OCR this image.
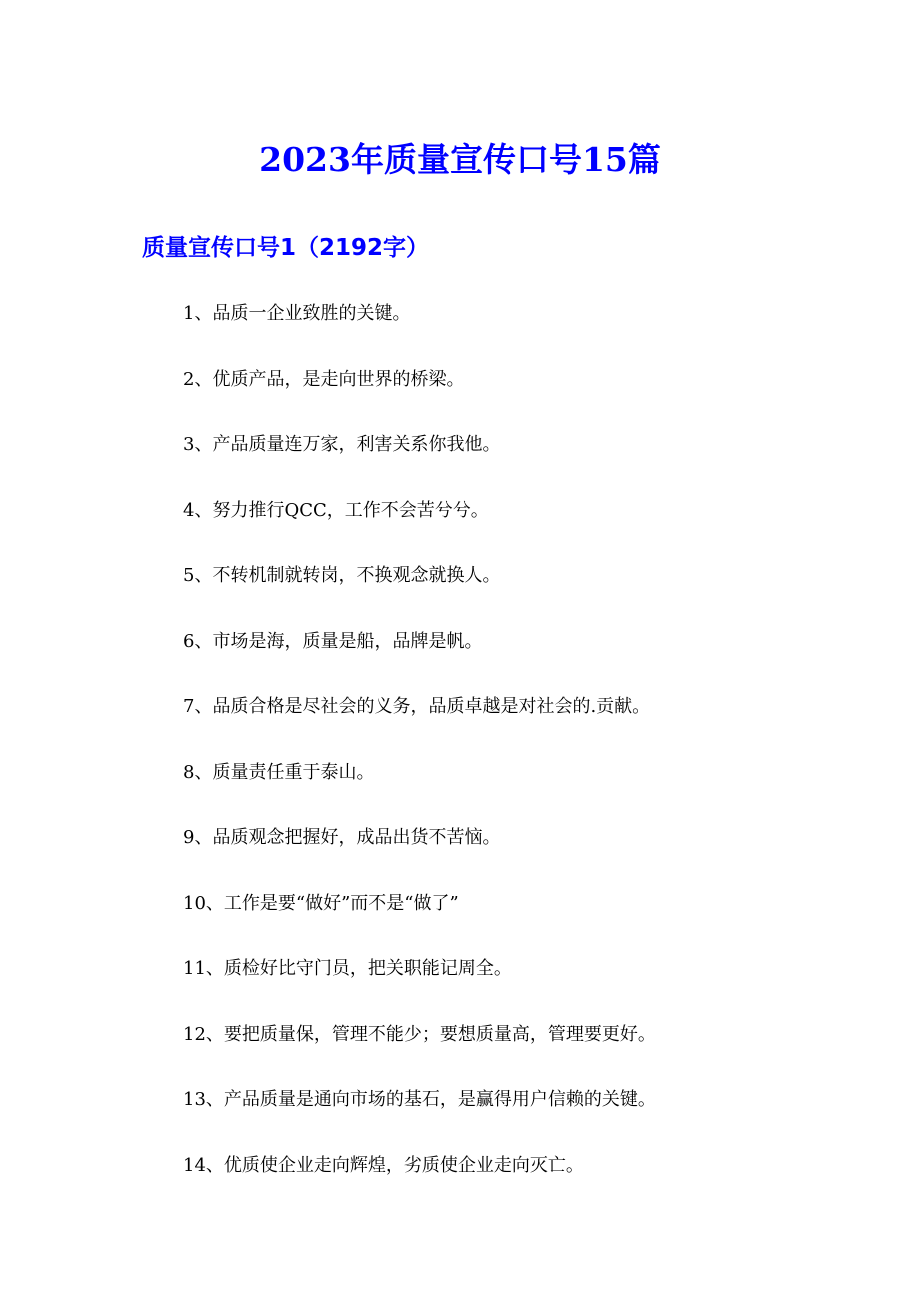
2023年质量宣传口号15篇
质量宣传口号1（2192字）
1、品质一企业致胜的关键。
2、优质产品，是走向世界的桥梁。
3、产品质量连万家，利害关系你我他。
4、努力推行QCC，工作不会苦兮兮。
5、不转机制就转岗，不换观念就换人。
6、市场是海，质量是船，品牌是帆。
7、品质合格是尽社会的义务，品质卓越是对社会的.贡献。
8、质量责任重于泰山。
9、品质观念把握好，成品出货不苦恼。
10、工作是要“做好”而不是“做了”
11、质检好比守门员，把关职能记周全。
12、要把质量保，管理不能少；要想质量高，管理要更好。
13、产品质量是通向市场的基石，是赢得用户信赖的关键。
14、优质使企业走向辉煌，劣质使企业走向灭亡。
